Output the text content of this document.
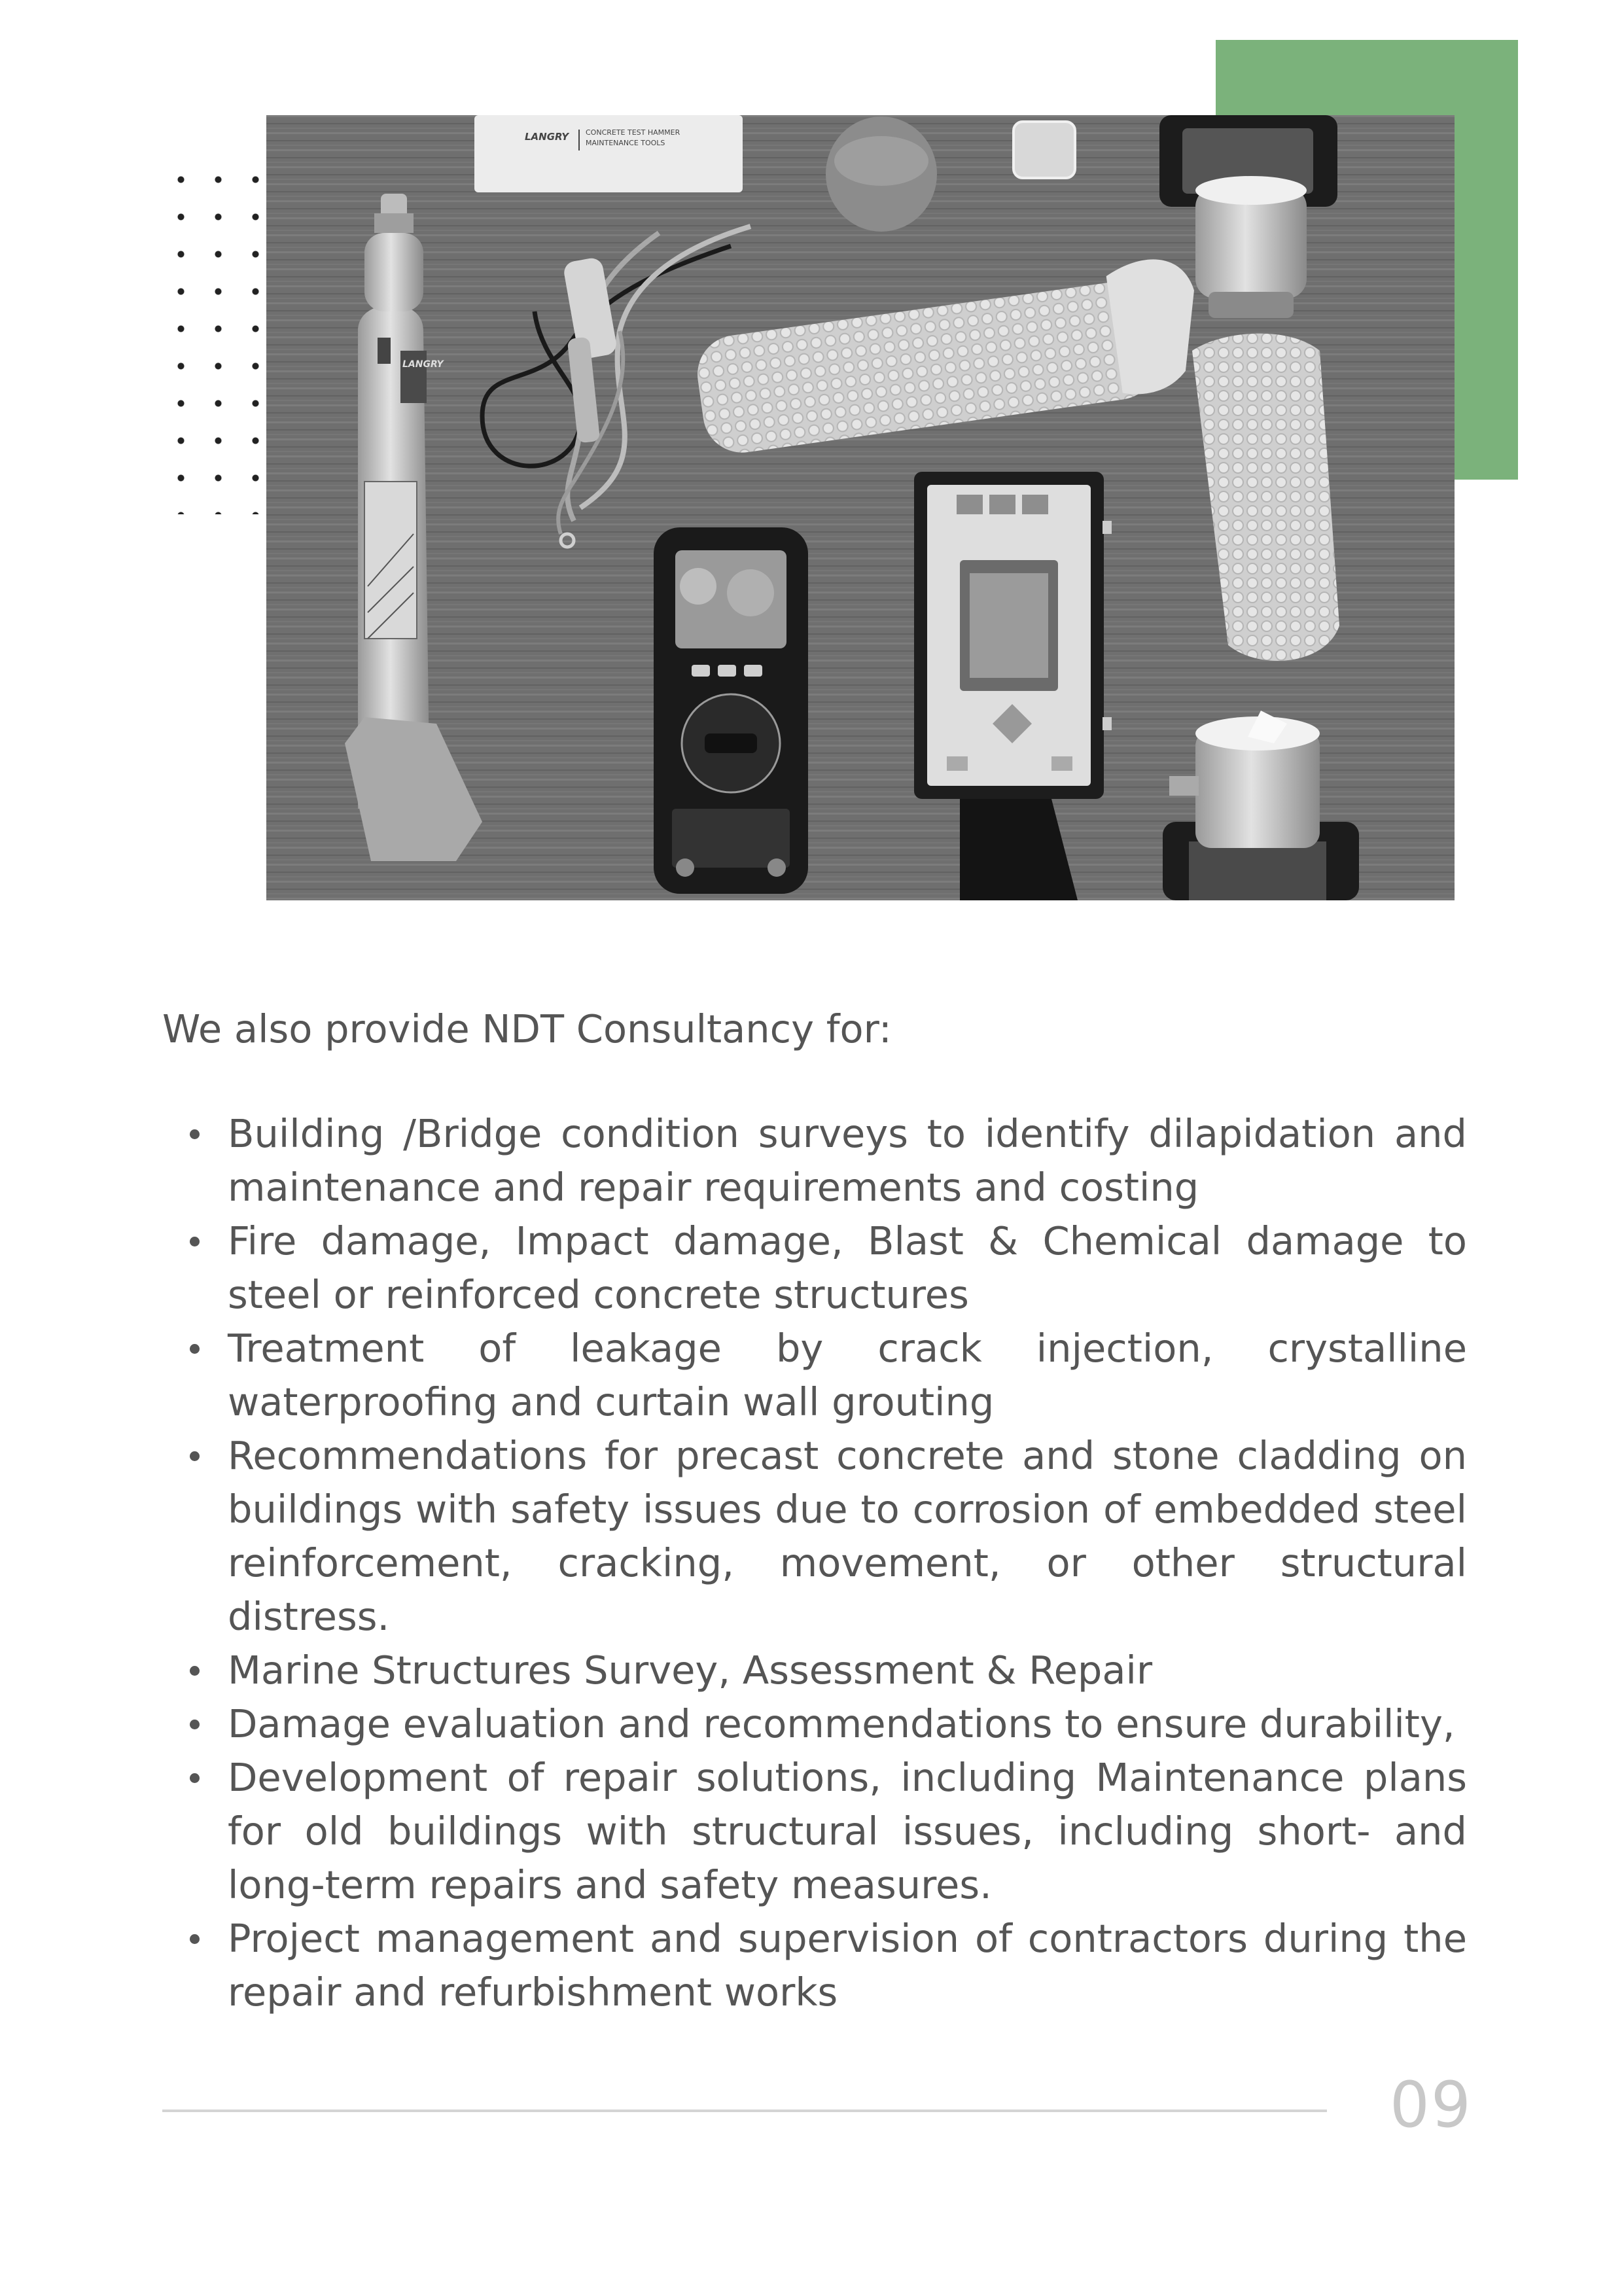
LANGRY CONCRETE TEST HAMMER
MAINTENANCE TOOLS
LANGRY

We also provide NDT Consultancy for:

Building /Bridge condition surveys to identify dilapidation and maintenance and repair requirements and costing
Fire damage, Impact damage, Blast & Chemical damage to steel or reinforced concrete structures
Treatment of leakage by crack injection, crystalline waterproofing and curtain wall grouting
Recommendations for precast concrete and stone cladding on buildings with safety issues due to corrosion of embedded steel reinforcement, cracking, movement, or other structural distress.
Marine Structures Survey, Assessment & Repair
Damage evaluation and recommendations to ensure durability,
Development of repair solutions, including Maintenance plans for old buildings with structural issues, including short- and long-term repairs and safety measures.
Project management and supervision of contractors during the repair and refurbishment works
09
